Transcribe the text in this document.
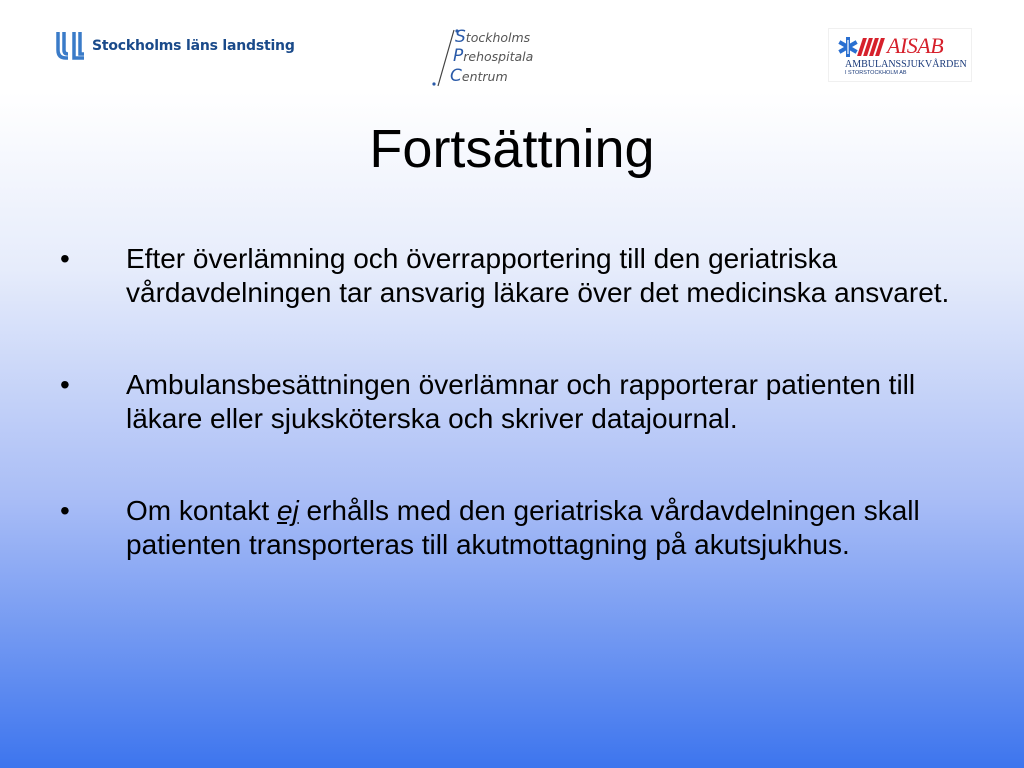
Stockholms läns landsting	Stockholms
Prehospitala
Centrum
AISAB
AMBULANSSJUKVÅRDEN
I STORSTOCKHOLM AB
Fortsättning
• Efter överlämning och överrapportering till den geriatriska vårdavdelningen tar ansvarig läkare över det medicinska ansvaret.
• Ambulansbesättningen överlämnar och rapporterar patienten till läkare eller sjuksköterska och skriver datajournal.
• Om kontakt ej erhålls med den geriatriska vårdavdelningen skall patienten transporteras till akutmottagning på akutsjukhus.
